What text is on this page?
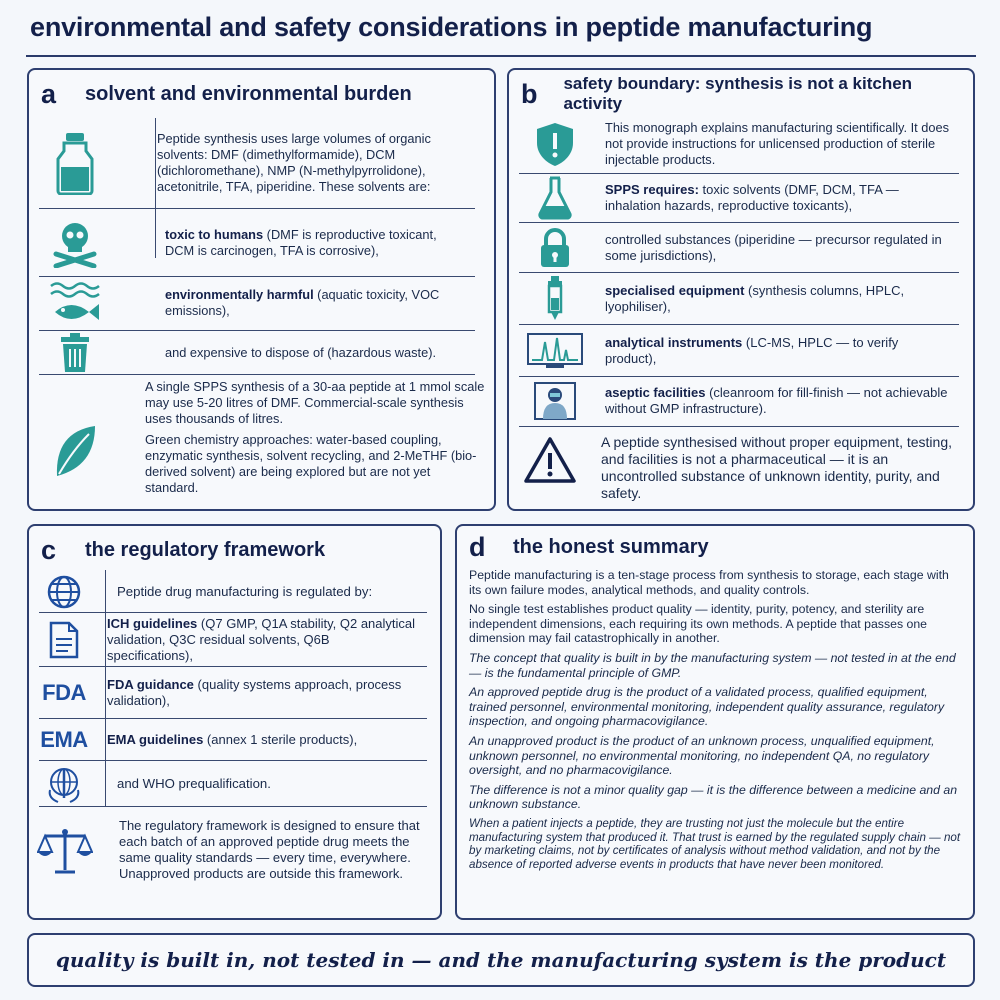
environmental and safety considerations in peptide manufacturing
a	solvent and environmental burden
Peptide synthesis uses large volumes of organic solvents: DMF (dimethylformamide), DCM (dichloromethane), NMP (N-methylpyrrolidone), acetonitrile, TFA, piperidine. These solvents are:
toxic to humans (DMF is reproductive toxicant, DCM is carcinogen, TFA is corrosive),
environmentally harmful (aquatic toxicity, VOC emissions),
and expensive to dispose of (hazardous waste).
A single SPPS synthesis of a 30-aa peptide at 1 mmol scale may use 5-20 litres of DMF. Commercial-scale synthesis uses thousands of litres.
Green chemistry approaches: water-based coupling, enzymatic synthesis, solvent recycling, and 2-MeTHF (bio-derived solvent) are being explored but are not yet standard.
b	safety boundary: synthesis is not a kitchen activity
This monograph explains manufacturing scientifically. It does not provide instructions for unlicensed production of sterile injectable products.
SPPS requires: toxic solvents (DMF, DCM, TFA — inhalation hazards, reproductive toxicants),
controlled substances (piperidine — precursor regulated in some jurisdictions),
specialised equipment (synthesis columns, HPLC, lyophiliser),
analytical instruments (LC-MS, HPLC — to verify product),
aseptic facilities (cleanroom for fill-finish — not achievable without GMP infrastructure).
A peptide synthesised without proper equipment, testing, and facilities is not a pharmaceutical — it is an uncontrolled substance of unknown identity, purity, and safety.
c	the regulatory framework
Peptide drug manufacturing is regulated by:
ICH guidelines (Q7 GMP, Q1A stability, Q2 analytical validation, Q3C residual solvents, Q6B specifications),
FDA	FDA guidance (quality systems approach, process validation),
EMA	EMA guidelines (annex 1 sterile products),
and WHO prequalification.
The regulatory framework is designed to ensure that each batch of an approved peptide drug meets the same quality standards — every time, everywhere. Unapproved products are outside this framework.
d	the honest summary

Peptide manufacturing is a ten-stage process from synthesis to storage, each stage with its own failure modes, analytical methods, and quality controls.

No single test establishes product quality — identity, purity, potency, and sterility are independent dimensions, each requiring its own methods. A peptide that passes one dimension may fail catastrophically in another.

The concept that quality is built in by the manufacturing system — not tested in at the end — is the fundamental principle of GMP.

An approved peptide drug is the product of a validated process, qualified equipment, trained personnel, environmental monitoring, independent quality assurance, regulatory inspection, and ongoing pharmacovigilance.

An unapproved product is the product of an unknown process, unqualified equipment, unknown personnel, no environmental monitoring, no independent QA, no regulatory oversight, and no pharmacovigilance.

The difference is not a minor quality gap — it is the difference between a medicine and an unknown substance.

When a patient injects a peptide, they are trusting not just the molecule but the entire manufacturing system that produced it. That trust is earned by the regulated supply chain — not by marketing claims, not by certificates of analysis without method validation, and not by the absence of reported adverse events in products that have never been monitored.

quality is built in, not tested in — and the manufacturing system is the product
